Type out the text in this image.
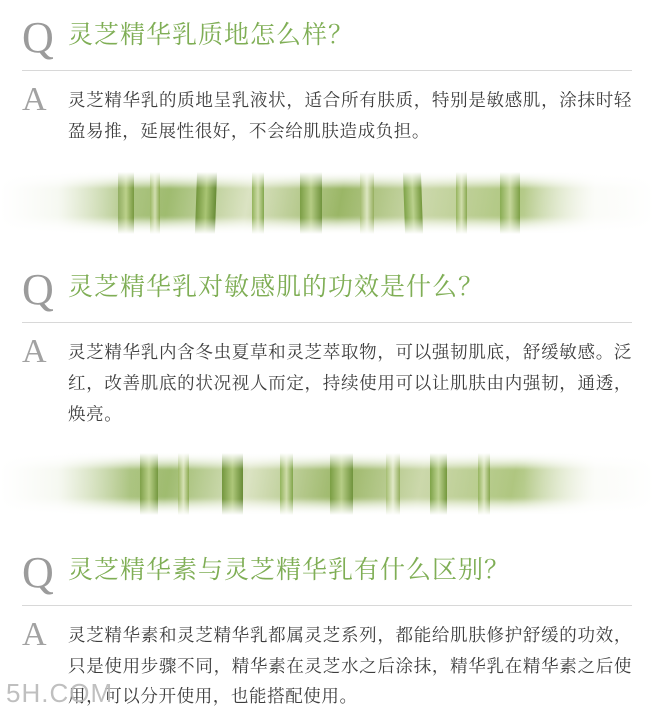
Q 灵芝精华乳质地怎么样？
A	灵芝精华乳的质地呈乳液状，适合所有肤质，特别是敏感肌，涂抹时轻盈易推，延展性很好，不会给肌肤造成负担。
Q 灵芝精华乳对敏感肌的功效是什么？
A	灵芝精华乳内含冬虫夏草和灵芝萃取物，可以强韧肌底，舒缓敏感。泛红，改善肌底的状况视人而定，持续使用可以让肌肤由内强韧，通透，焕亮。
Q 灵芝精华素与灵芝精华乳有什么区别？
A	灵芝精华素和灵芝精华乳都属灵芝系列，都能给肌肤修护舒缓的功效，只是使用步骤不同，精华素在灵芝水之后涂抹，精华乳在精华素之后使用，可以分开使用，也能搭配使用。
5H.COM
